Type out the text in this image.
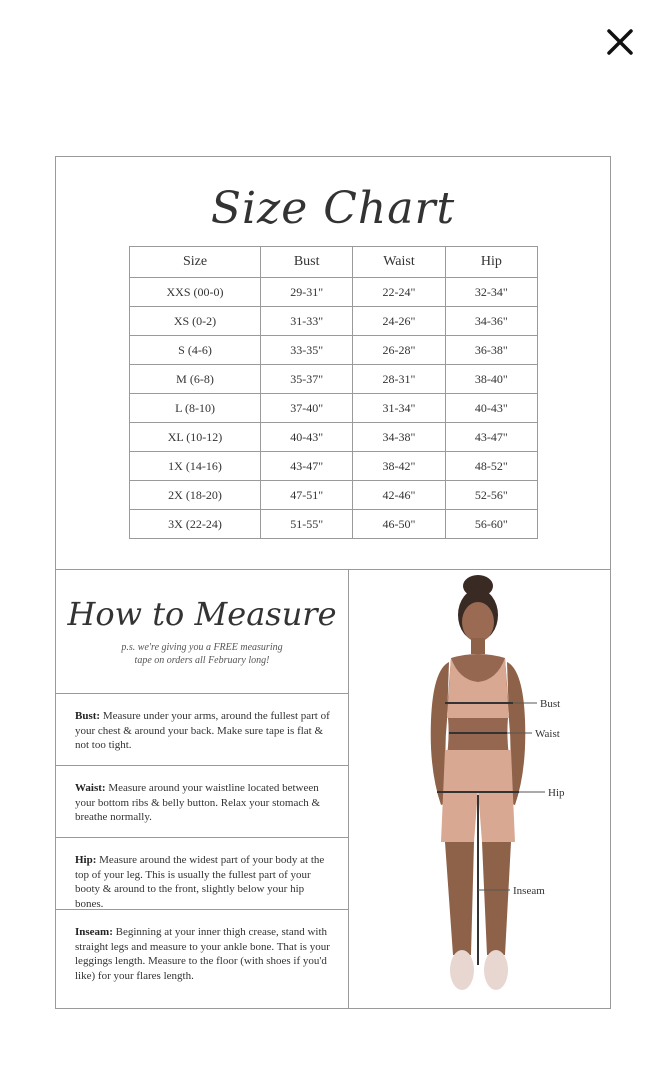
Size Chart
Size	Bust	Waist	Hip
XXS (00-0)	29-31"	22-24"	32-34"
XS (0-2)	31-33"	24-26"	34-36"
S (4-6)	33-35"	26-28"	36-38"
M (6-8)	35-37"	28-31"	38-40"
L (8-10)	37-40"	31-34"	40-43"
XL (10-12)	40-43"	34-38"	43-47"
1X (14-16)	43-47"	38-42"	48-52"
2X (18-20)	47-51"	42-46"	52-56"
3X (22-24)	51-55"	46-50"	56-60"
How to Measure
p.s. we're giving you a FREE measuring
tape on orders all February long!
Bust: Measure under your arms, around the fullest part of your chest & around your back. Make sure tape is flat & not too tight.
Waist: Measure around your waistline located between your bottom ribs & belly button. Relax your stomach & breathe normally.
Hip: Measure around the widest part of your body at the top of your leg. This is usually the fullest part of your booty & around to the front, slightly below your hip bones.
Inseam: Beginning at your inner thigh crease, stand with straight legs and measure to your ankle bone. That is your leggings length. Measure to the floor (with shoes if you'd like) for your flares length.
Bust
Waist
Hip
Inseam
